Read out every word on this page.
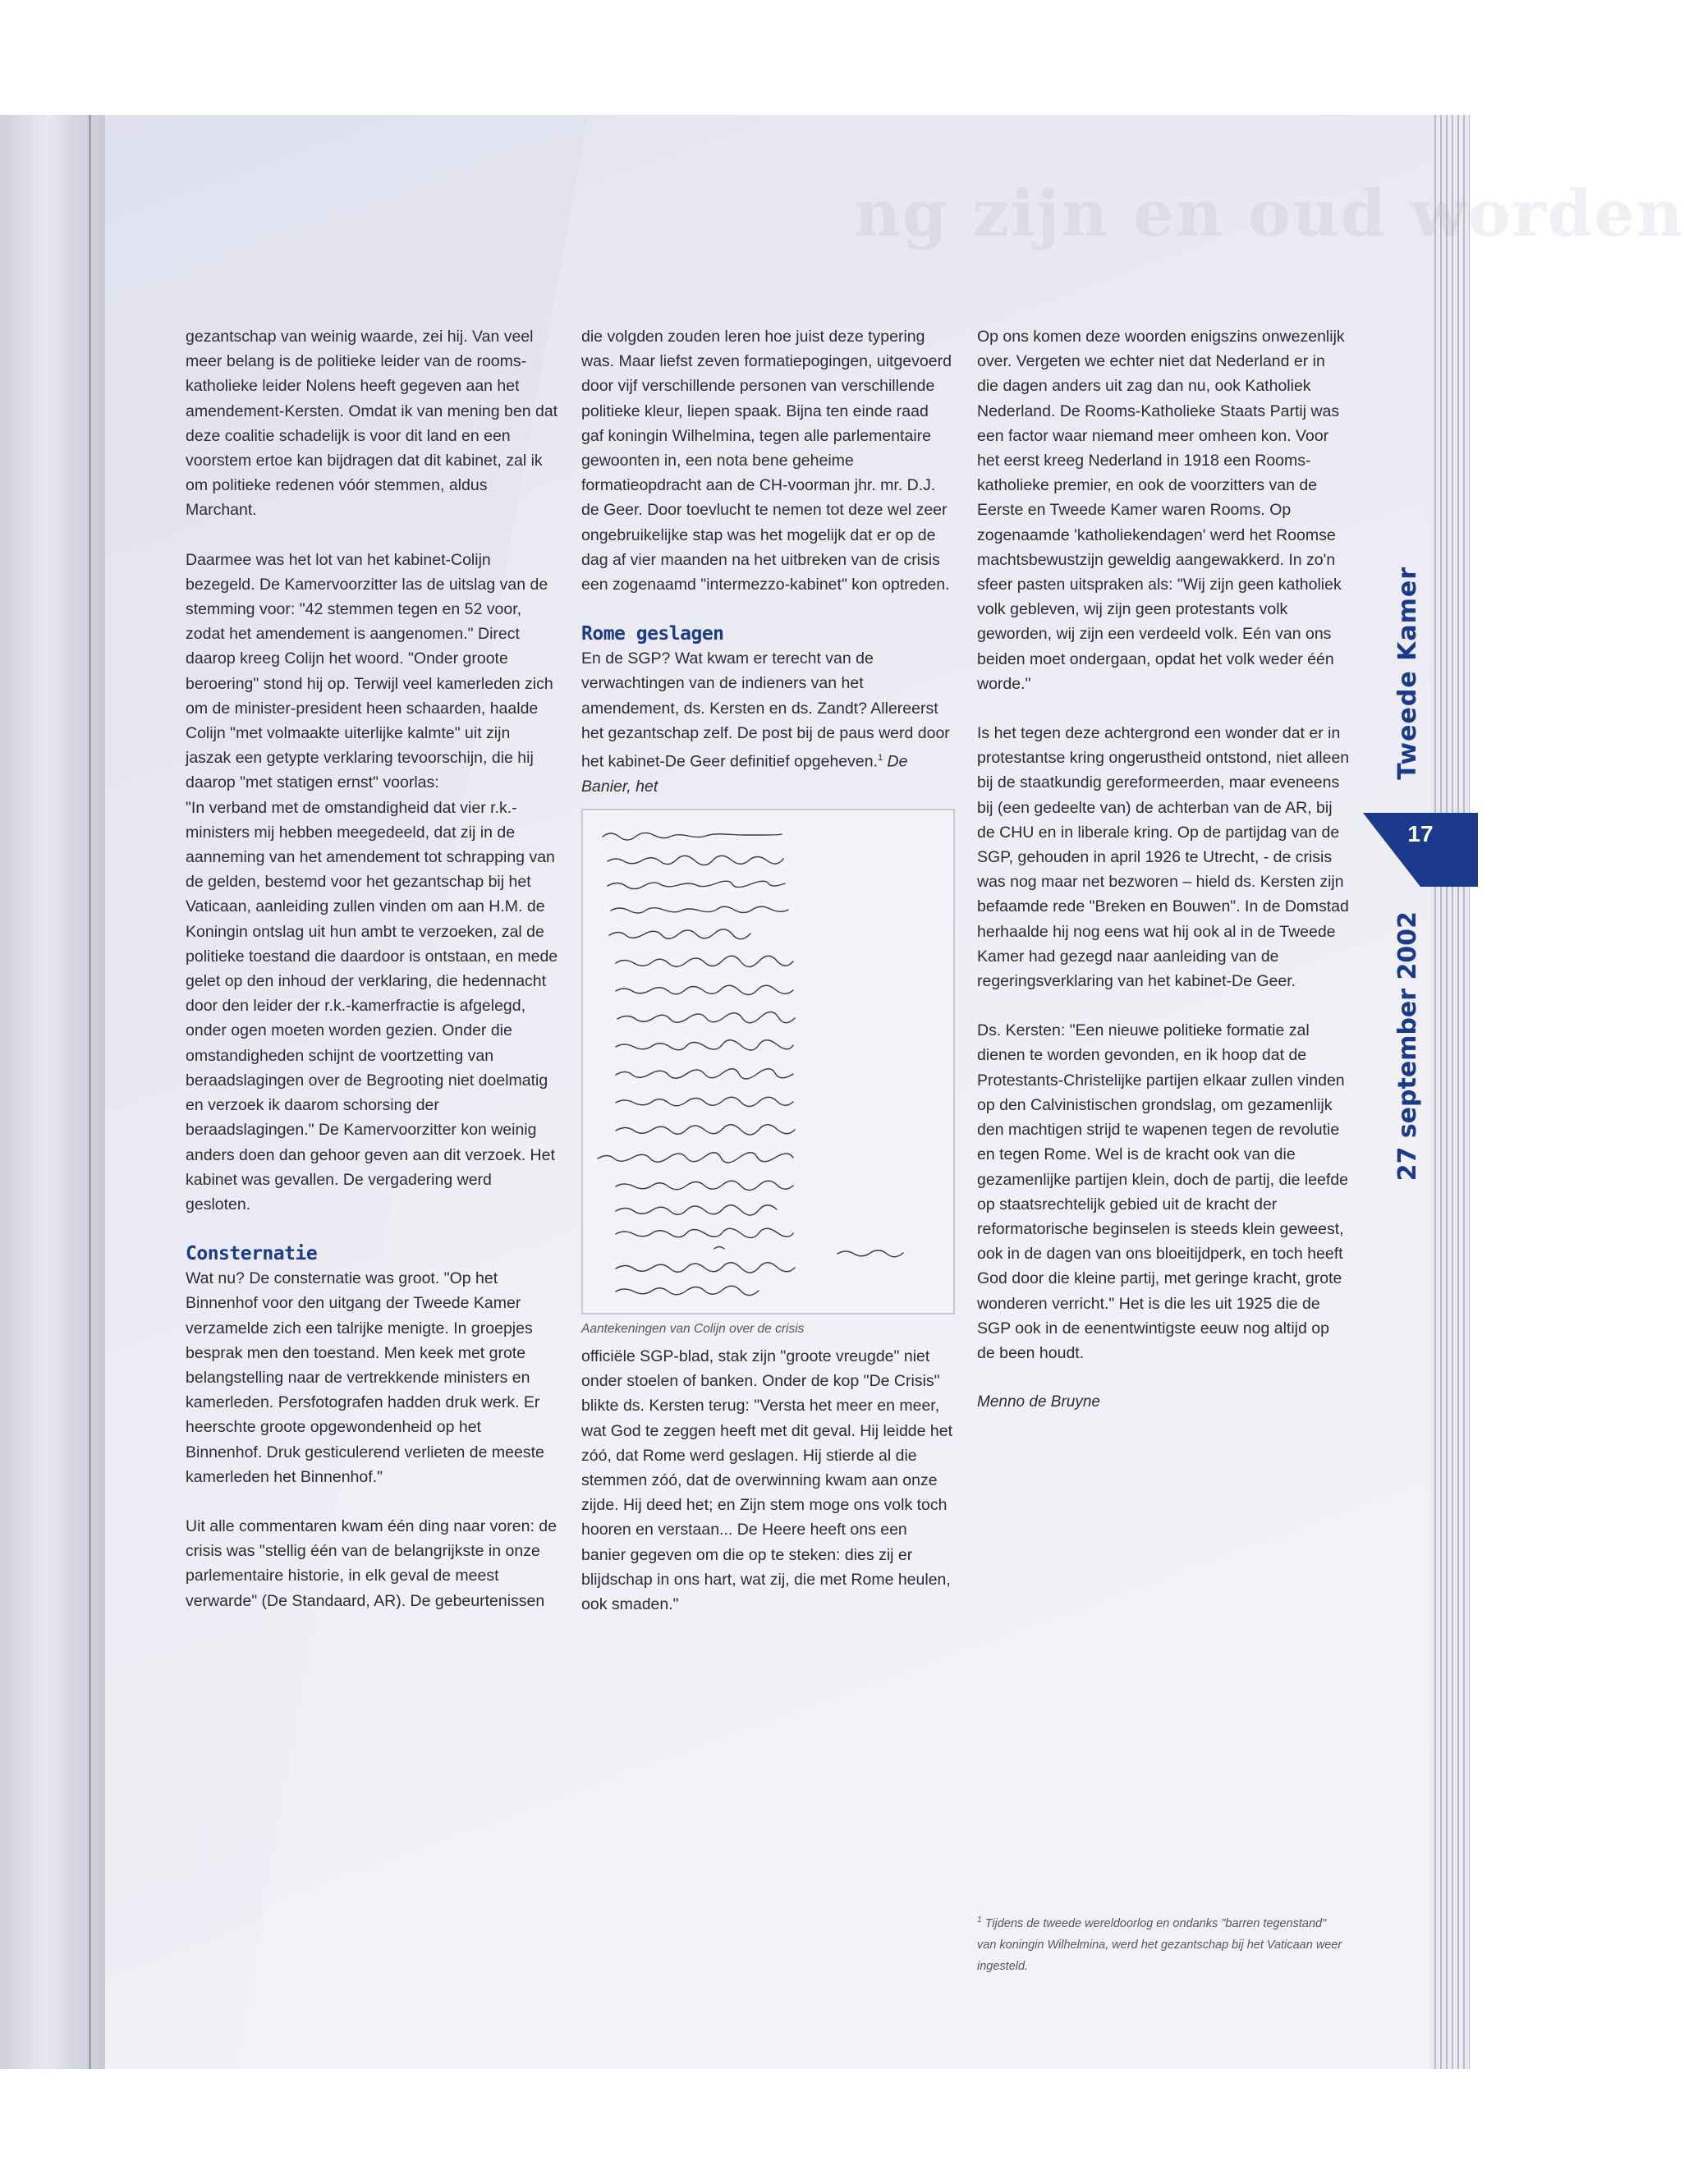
ng zijn en oud worden

gezantschap van weinig waarde, zei hij. Van veel meer belang is de politieke leider van de rooms-katholieke leider Nolens heeft gegeven aan het amendement-Kersten. Omdat ik van mening ben dat deze coalitie schadelijk is voor dit land en een voorstem ertoe kan bijdragen dat dit kabinet, zal ik om politieke redenen vóór stemmen, aldus Marchant.

Daarmee was het lot van het kabinet-Colijn bezegeld. De Kamervoorzitter las de uitslag van de stemming voor: "42 stemmen tegen en 52 voor, zodat het amendement is aangenomen." Direct daarop kreeg Colijn het woord. "Onder groote beroering" stond hij op. Terwijl veel kamerleden zich om de minister-president heen schaarden, haalde Colijn "met volmaakte uiterlijke kalmte" uit zijn jaszak een getypte verklaring tevoorschijn, die hij daarop "met statigen ernst" voorlas:

"In verband met de omstandigheid dat vier r.k.-ministers mij hebben meegedeeld, dat zij in de aanneming van het amendement tot schrapping van de gelden, bestemd voor het gezantschap bij het Vaticaan, aanleiding zullen vinden om aan H.M. de Koningin ontslag uit hun ambt te verzoeken, zal de politieke toestand die daardoor is ontstaan, en mede gelet op den inhoud der verklaring, die hedennacht door den leider der r.k.-kamerfractie is afgelegd, onder ogen moeten worden gezien. Onder die omstandigheden schijnt de voortzetting van beraadslagingen over de Begrooting niet doelmatig en verzoek ik daarom schorsing der beraadslagingen." De Kamervoorzitter kon weinig anders doen dan gehoor geven aan dit verzoek. Het kabinet was gevallen. De vergadering werd gesloten.

Consternatie

Wat nu? De consternatie was groot. "Op het Binnenhof voor den uitgang der Tweede Kamer verzamelde zich een talrijke menigte. In groepjes besprak men den toestand. Men keek met grote belangstelling naar de vertrekkende ministers en kamerleden. Persfotografen hadden druk werk. Er heerschte groote opgewondenheid op het Binnenhof. Druk gesticulerend verlieten de meeste kamerleden het Binnenhof."

Uit alle commentaren kwam één ding naar voren: de crisis was "stellig één van de belangrijkste in onze parlementaire historie, in elk geval de meest verwarde" (De Standaard, AR). De gebeurtenissen

die volgden zouden leren hoe juist deze typering was. Maar liefst zeven formatiepogingen, uitgevoerd door vijf verschillende personen van verschillende politieke kleur, liepen spaak. Bijna ten einde raad gaf koningin Wilhelmina, tegen alle parlementaire gewoonten in, een nota bene geheime formatieopdracht aan de CH-voorman jhr. mr. D.J. de Geer. Door toevlucht te nemen tot deze wel zeer ongebruikelijke stap was het mogelijk dat er op de dag af vier maanden na het uitbreken van de crisis een zogenaamd "intermezzo-kabinet" kon optreden.

Rome geslagen

En de SGP? Wat kwam er terecht van de verwachtingen van de indieners van het amendement, ds. Kersten en ds. Zandt? Allereerst het gezantschap zelf. De post bij de paus werd door het kabinet-De Geer definitief opgeheven.$^1$ De Banier, het

Aantekeningen van Colijn over de crisis

officiële SGP-blad, stak zijn "groote vreugde" niet onder stoelen of banken. Onder de kop "De Crisis" blikte ds. Kersten terug: "Versta het meer en meer, wat God te zeggen heeft met dit geval. Hij leidde het zóó, dat Rome werd geslagen. Hij stierde al die stemmen zóó, dat de overwinning kwam aan onze zijde. Hij deed het; en Zijn stem moge ons volk toch hooren en verstaan... De Heere heeft ons een banier gegeven om die op te steken: dies zij er blijdschap in ons hart, wat zij, die met Rome heulen, ook smaden."

Op ons komen deze woorden enigszins onwezenlijk over. Vergeten we echter niet dat Nederland er in die dagen anders uit zag dan nu, ook Katholiek Nederland. De Rooms-Katholieke Staats Partij was een factor waar niemand meer omheen kon. Voor het eerst kreeg Nederland in 1918 een Rooms-katholieke premier, en ook de voorzitters van de Eerste en Tweede Kamer waren Rooms. Op zogenaamde 'katholiekendagen' werd het Roomse machtsbewustzijn geweldig aangewakkerd. In zo'n sfeer pasten uitspraken als: "Wij zijn geen katholiek volk gebleven, wij zijn geen protestants volk geworden, wij zijn een verdeeld volk. Eén van ons beiden moet ondergaan, opdat het volk weder één worde."

Is het tegen deze achtergrond een wonder dat er in protestantse kring ongerustheid ontstond, niet alleen bij de staatkundig gereformeerden, maar eveneens bij (een gedeelte van) de achterban van de AR, bij de CHU en in liberale kring. Op de partijdag van de SGP, gehouden in april 1926 te Utrecht, - de crisis was nog maar net bezworen – hield ds. Kersten zijn befaamde rede "Breken en Bouwen". In de Domstad herhaalde hij nog eens wat hij ook al in de Tweede Kamer had gezegd naar aanleiding van de regeringsverklaring van het kabinet-De Geer.

Ds. Kersten: "Een nieuwe politieke formatie zal dienen te worden gevonden, en ik hoop dat de Protestants-Christelijke partijen elkaar zullen vinden op den Calvinistischen grondslag, om gezamenlijk den machtigen strijd te wapenen tegen de revolutie en tegen Rome. Wel is de kracht ook van die gezamenlijke partijen klein, doch de partij, die leefde op staatsrechtelijk gebied uit de kracht der reformatorische beginselen is steeds klein geweest, ook in de dagen van ons bloeitijdperk, en toch heeft God door die kleine partij, met geringe kracht, grote wonderen verricht." Het is die les uit 1925 die de SGP ook in de eenentwintigste eeuw nog altijd op de been houdt.

Menno de Bruyne
$^1$ Tijdens de tweede wereldoorlog en ondanks "barren tegenstand" van koningin Wilhelmina, werd het gezantschap bij het Vaticaan weer ingesteld.
Tweede Kamer
17
27 september 2002
